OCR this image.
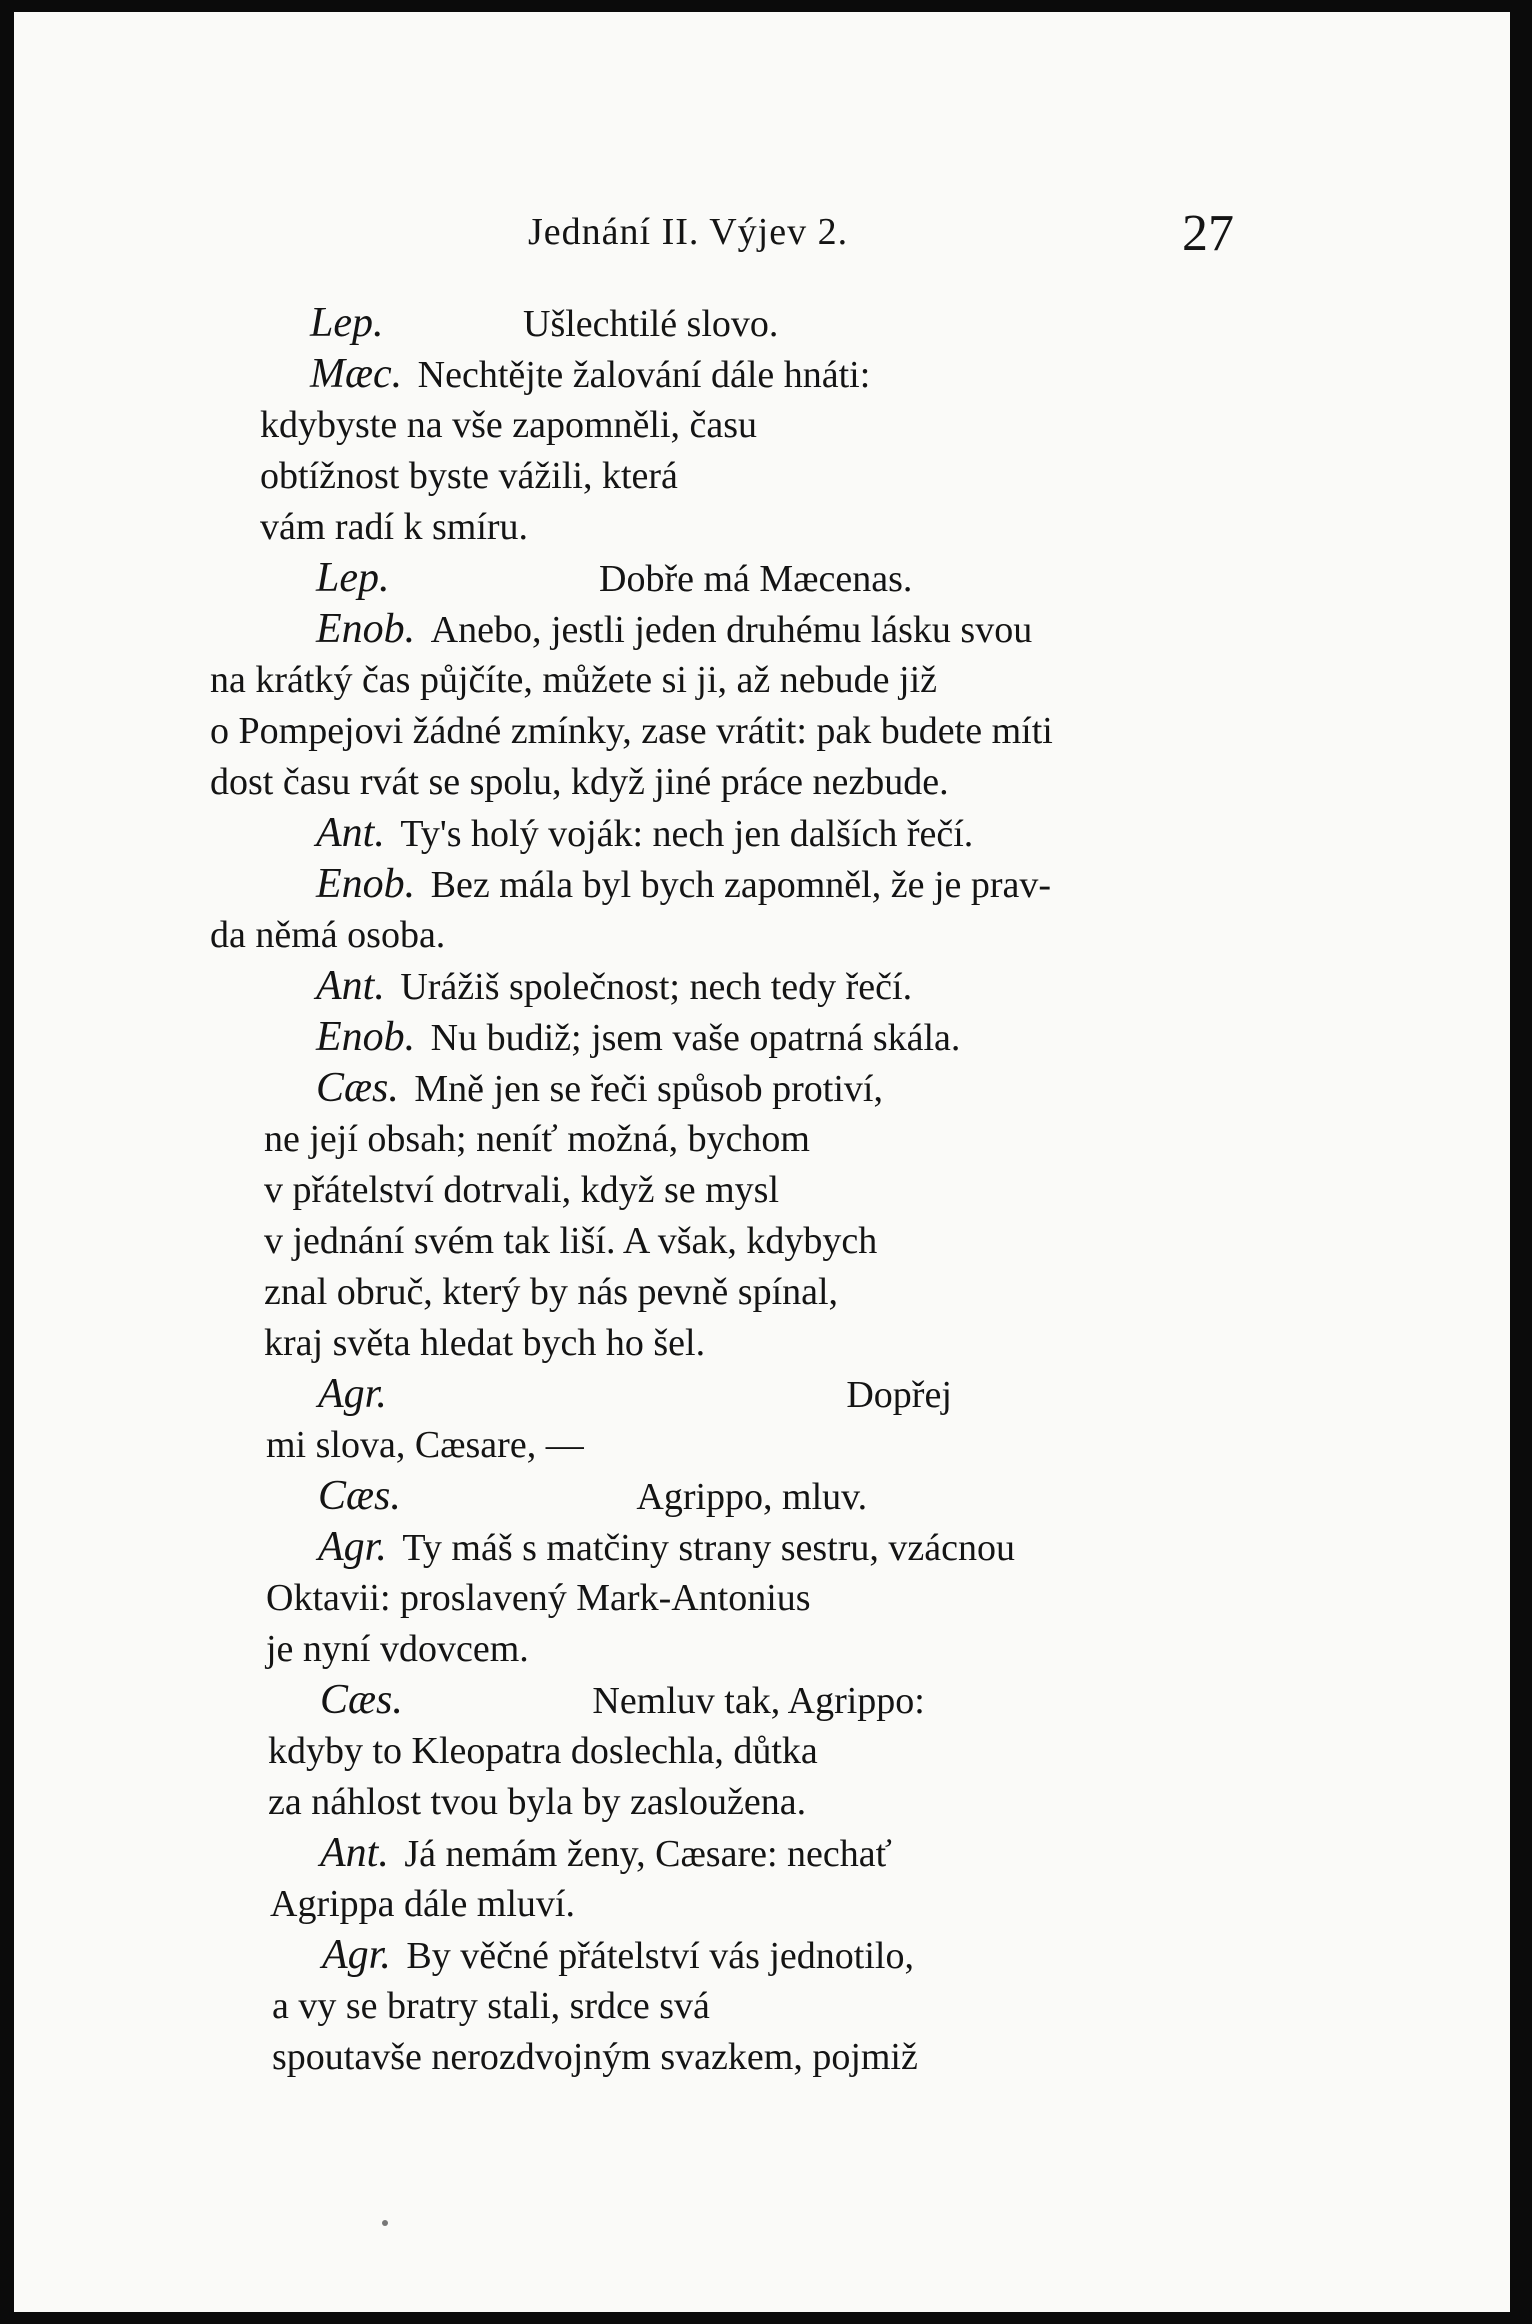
Jednání II. Výjev 2.	27
Lep.	Ušlechtilé slovo.
Mæc. Nechtějte žalování dále hnáti:
kdybyste na vše zapomněli, času
obtížnost byste vážili, která
vám radí k smíru.
Lep.	Dobře má Mæcenas.
Enob. Anebo, jestli jeden druhému lásku svou
na krátký čas půjčíte, můžete si ji, až nebude již
o Pompejovi žádné zmínky, zase vrátit: pak budete míti
dost času rvát se spolu, když jiné práce nezbude.
Ant. Ty's holý voják: nech jen dalších řečí.
Enob. Bez mála byl bych zapomněl, že je prav-
da němá osoba.
Ant. Urážiš společnost; nech tedy řečí.
Enob. Nu budiž; jsem vaše opatrná skála.
Cæs. Mně jen se řeči spůsob protiví,
ne její obsah; neníť možná, bychom
v přátelství dotrvali, když se mysl
v jednání svém tak liší. A však, kdybych
znal obruč, který by nás pevně spínal,
kraj světa hledat bych ho šel.
Agr.	Dopřej
mi slova, Cæsare, —
Cæs.	Agrippo, mluv.
Agr. Ty máš s matčiny strany sestru, vzácnou
Oktavii: proslavený Mark-Antonius
je nyní vdovcem.
Cæs.	Nemluv tak, Agrippo:
kdyby to Kleopatra doslechla, důtka
za náhlost tvou byla by zasloužena.
Ant. Já nemám ženy, Cæsare: nechať
Agrippa dále mluví.
Agr. By věčné přátelství vás jednotilo,
a vy se bratry stali, srdce svá
spoutavše nerozdvojným svazkem, pojmiž
